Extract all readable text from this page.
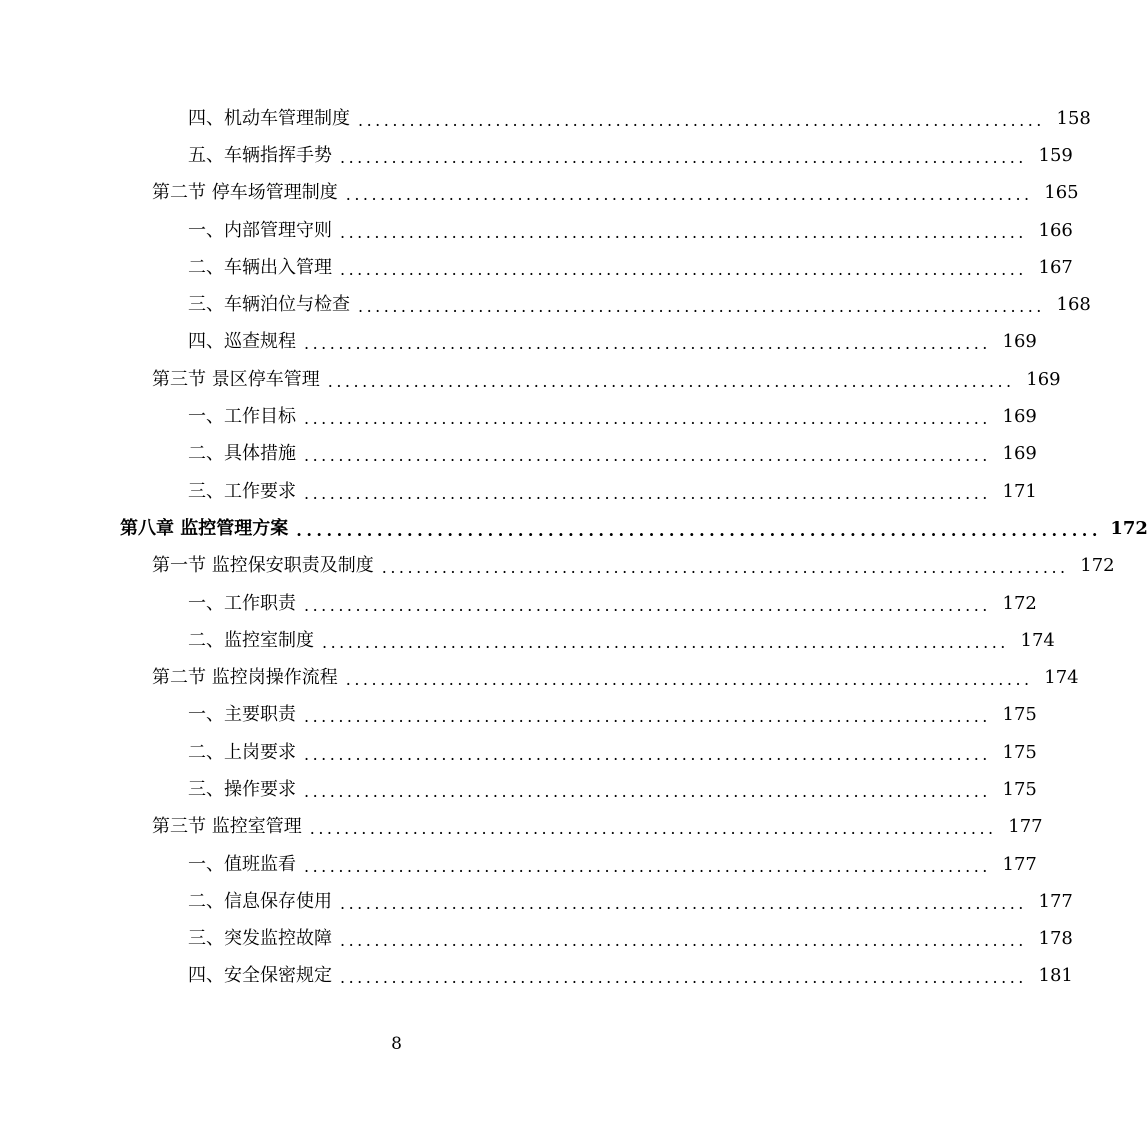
四、机动车管理制度 ................................................................................ 158
五、车辆指挥手势 ................................................................................ 159
第二节 停车场管理制度 ................................................................................ 165
一、内部管理守则 ................................................................................ 166
二、车辆出入管理 ................................................................................ 167
三、车辆泊位与检查 ................................................................................ 168
四、巡查规程 ................................................................................ 169
第三节 景区停车管理 ................................................................................ 169
一、工作目标 ................................................................................ 169
二、具体措施 ................................................................................ 169
三、工作要求 ................................................................................ 171
第八章 监控管理方案 ................................................................................ 172
第一节 监控保安职责及制度 ................................................................................ 172
一、工作职责 ................................................................................ 172
二、监控室制度 ................................................................................ 174
第二节 监控岗操作流程 ................................................................................ 174
一、主要职责 ................................................................................ 175
二、上岗要求 ................................................................................ 175
三、操作要求 ................................................................................ 175
第三节 监控室管理 ................................................................................ 177
一、值班监看 ................................................................................ 177
二、信息保存使用 ................................................................................ 177
三、突发监控故障 ................................................................................ 178
四、安全保密规定 ................................................................................ 181
8
